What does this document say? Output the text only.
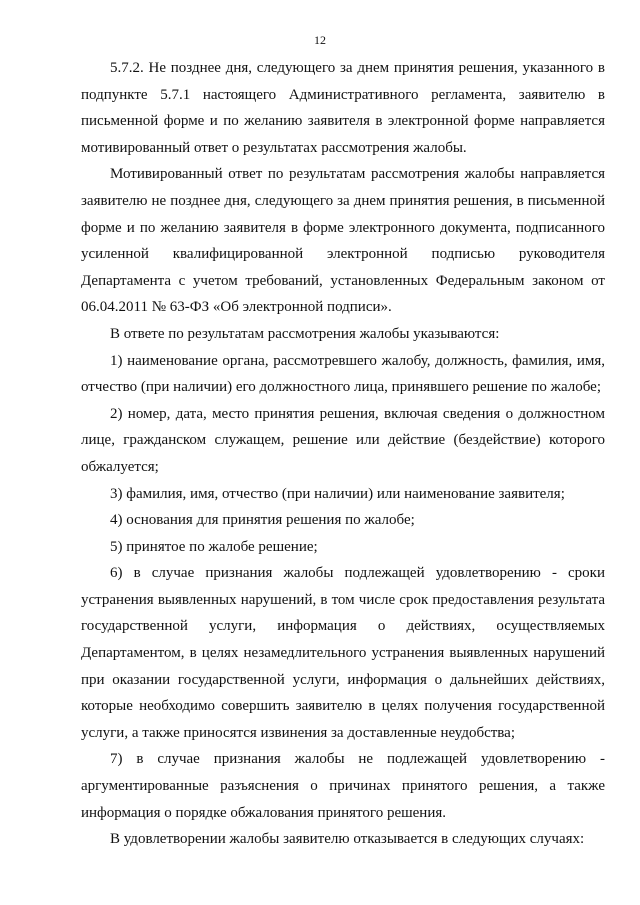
12

5.7.2. Не позднее дня, следующего за днем принятия решения, указанного в подпункте 5.7.1 настоящего Административного регламента, заявителю в письменной форме и по желанию заявителя в электронной форме направляется мотивированный ответ о результатах рассмотрения жалобы.

Мотивированный ответ по результатам рассмотрения жалобы направляется заявителю не позднее дня, следующего за днем принятия решения, в письменной форме и по желанию заявителя в форме электронного документа, подписанного усиленной квалифицированной электронной подписью руководителя Департамента с учетом требований, установленных Федеральным законом от 06.04.2011 № 63-ФЗ «Об электронной подписи».

В ответе по результатам рассмотрения жалобы указываются:

1) наименование органа, рассмотревшего жалобу, должность, фамилия, имя, отчество (при наличии) его должностного лица, принявшего решение по жалобе;

2) номер, дата, место принятия решения, включая сведения о должностном лице, гражданском служащем, решение или действие (бездействие) которого обжалуется;

3) фамилия, имя, отчество (при наличии) или наименование заявителя;

4) основания для принятия решения по жалобе;

5) принятое по жалобе решение;

6) в случае признания жалобы подлежащей удовлетворению - сроки устранения выявленных нарушений, в том числе срок предоставления результата государственной услуги, информация о действиях, осуществляемых Департаментом, в целях незамедлительного устранения выявленных нарушений при оказании государственной услуги, информация о дальнейших действиях, которые необходимо совершить заявителю в целях получения государственной услуги, а также приносятся извинения за доставленные неудобства;

7) в случае признания жалобы не подлежащей удовлетворению - аргументированные разъяснения о причинах принятого решения, а также информация о порядке обжалования принятого решения.

В удовлетворении жалобы заявителю отказывается в следующих случаях:
